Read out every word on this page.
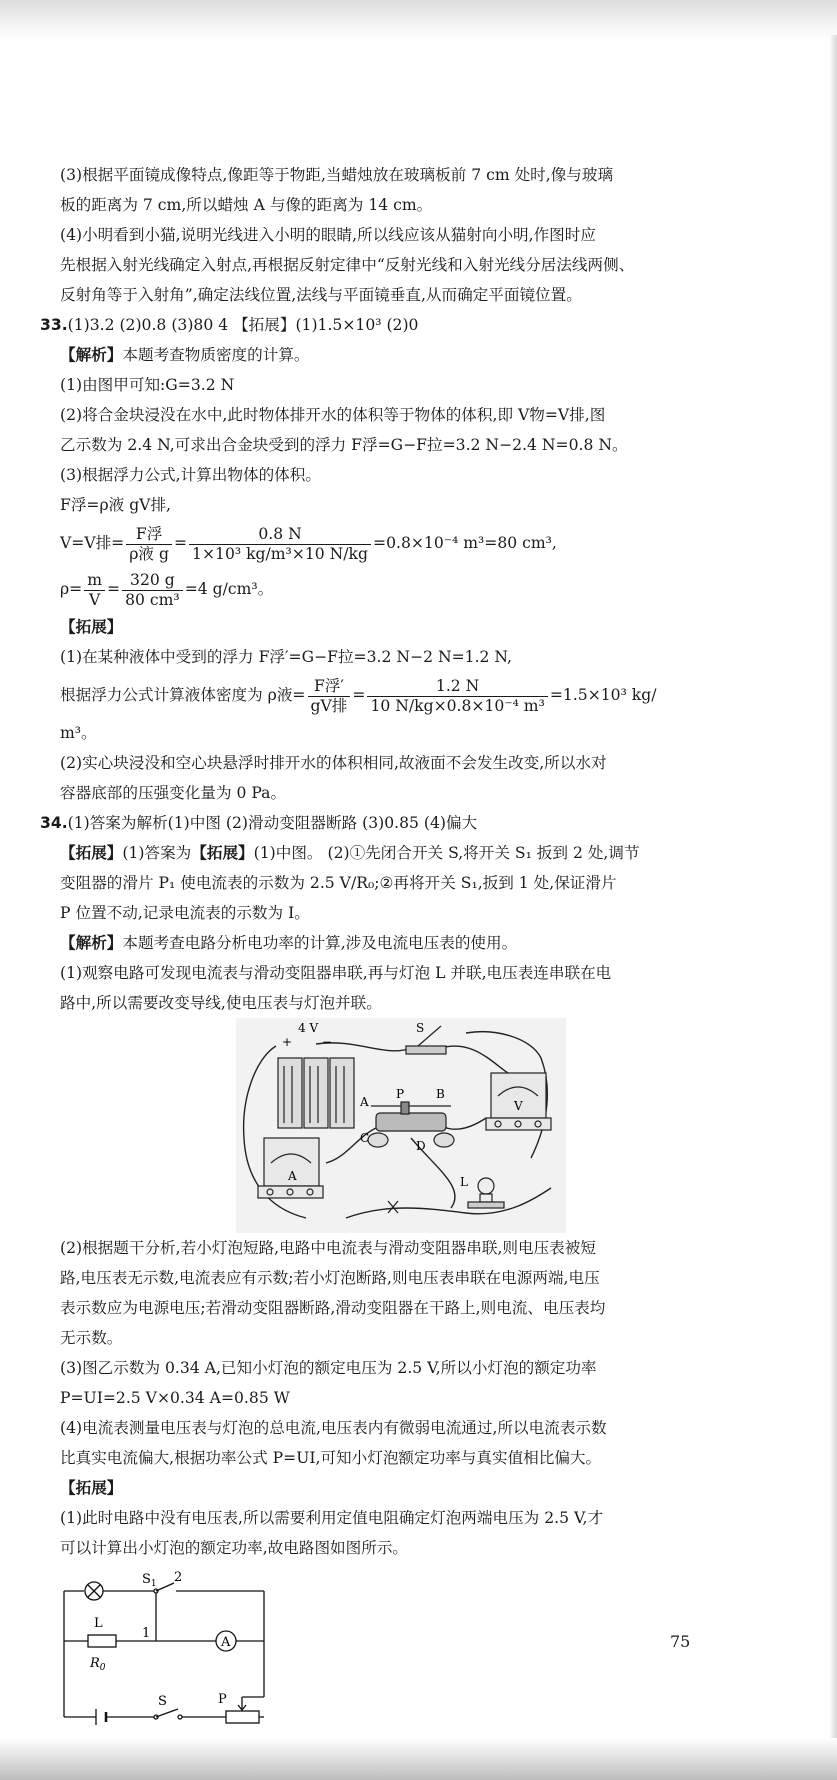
(3)根据平面镜成像特点,像距等于物距,当蜡烛放在玻璃板前 7 cm 处时,像与玻璃

板的距离为 7 cm,所以蜡烛 A 与像的距离为 14 cm。

(4)小明看到小猫,说明光线进入小明的眼睛,所以线应该从猫射向小明,作图时应

先根据入射光线确定入射点,再根据反射定律中“反射光线和入射光线分居法线两侧、

反射角等于入射角”,确定法线位置,法线与平面镜垂直,从而确定平面镜位置。

33.(1)3.2 (2)0.8 (3)80 4 【拓展】(1)1.5×10³ (2)0

【解析】本题考查物质密度的计算。

(1)由图甲可知:G=3.2 N

(2)将合金块浸没在水中,此时物体排开水的体积等于物体的体积,即 V物=V排,图

乙示数为 2.4 N,可求出合金块受到的浮力 F浮=G−F拉=3.2 N−2.4 N=0.8 N。

(3)根据浮力公式,计算出物体的体积。

F浮=ρ液 gV排,

V=V排= $\frac{\text{F浮}}{\text{ρ液 g}} = \frac{0.8 N}{\text{1×10³ kg/m³×10 N/kg}} =0.8\times 10^{-4}$ m³=80 cm³,

$\rho= \frac{m}{V} = \frac{320 g}{\text{80 cm³}} =4$ g/cm³。

【拓展】

(1)在某种液体中受到的浮力 F浮′=G−F拉=3.2 N−2 N=1.2 N,

根据浮力公式计算液体密度为 ρ液= $\frac{\text{F浮′}}{\text{gV排}} = \frac{1.2 N}{\text{10 N/kg×0.8×10⁻⁴ m³}} =1.5\times 10^3$ kg/

m³。

(2)实心块浸没和空心块悬浮时排开水的体积相同,故液面不会发生改变,所以水对

容器底部的压强变化量为 0 Pa。

34.(1)答案为解析(1)中图 (2)滑动变阻器断路 (3)0.85 (4)偏大

【拓展】(1)答案为【拓展】(1)中图。 (2)①先闭合开关 S,将开关 S₁ 扳到 2 处,调节

变阻器的滑片 P₁ 使电流表的示数为 2.5 V/R₀;②再将开关 S₁,扳到 1 处,保证滑片

P 位置不动,记录电流表的示数为 I。

【解析】本题考查电路分析电功率的计算,涉及电流电压表的使用。

(1)观察电路可发现电流表与滑动变阻器串联,再与灯泡 L 并联,电压表连串联在电

路中,所以需要改变导线,使电压表与灯泡并联。

4 V
+ −
S
A
P	B
C
D
V
A	L

(2)根据题干分析,若小灯泡短路,电路中电流表与滑动变阻器串联,则电压表被短

路,电压表无示数,电流表应有示数;若小灯泡断路,则电压表串联在电源两端,电压

表示数应为电源电压;若滑动变阻器断路,滑动变阻器在干路上,则电流、电压表均

无示数。

(3)图乙示数为 0.34 A,已知小灯泡的额定电压为 2.5 V,所以小灯泡的额定功率

P=UI=2.5 V×0.34 A=0.85 W

(4)电流表测量电压表与灯泡的总电流,电压表内有微弱电流通过,所以电流表示数

比真实电流偏大,根据功率公式 P=UI,可知小灯泡额定功率与真实值相比偏大。

【拓展】

(1)此时电路中没有电压表,所以需要利用定值电阻确定灯泡两端电压为 2.5 V,才

可以计算出小灯泡的额定功率,故电路图如图所示。

$S_1$ 2
1
L
$R_0$
A
S	P
75
